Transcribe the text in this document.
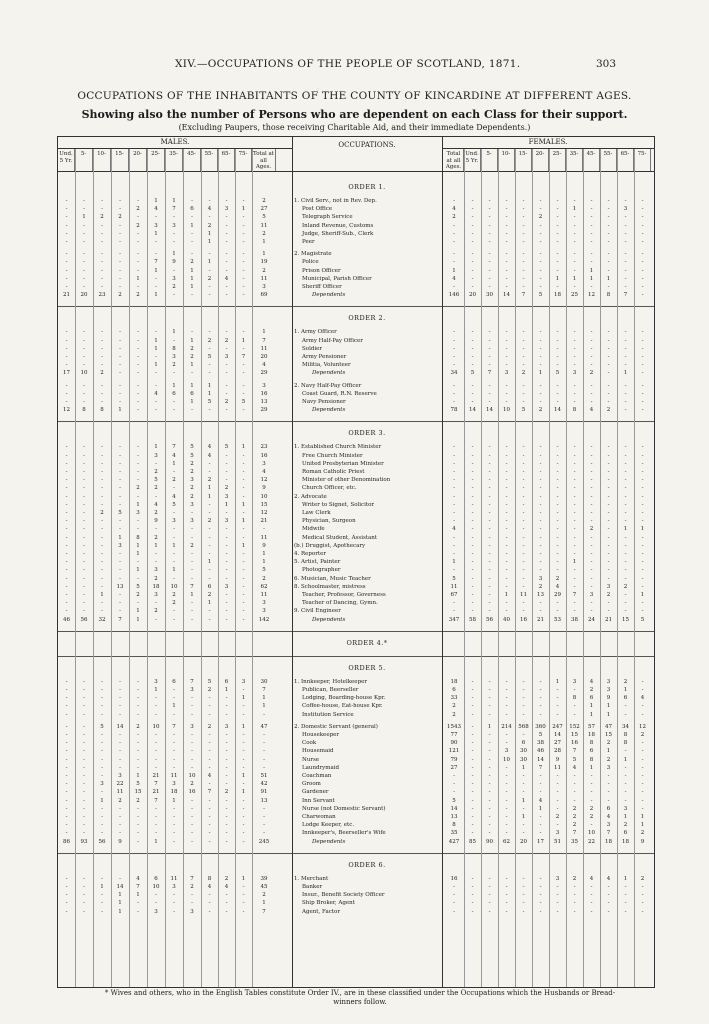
XIV.—OCCUPATIONS OF THE PEOPLE OF SCOTLAND, 1871.	303
OCCUPATIONS OF THE INHABITANTS OF THE COUNTY OF KINCARDINE AT DIFFERENT AGES.
Showing also the number of Persons who are dependent on each Class for their support.
(Excluding Paupers, those receiving Charitable Aid, and their immediate Dependents.)
MALES.	FEMALES.
OCCUPATIONS.
Und. 5 Yr.
5-	10-	15-	20-	25-	35-	45-	55-	65-	75-	Total at all Ages.
Total at all Ages.
Und. 5 Yr.
5-	10-	15-	20-	25-	35-	45-	55-	65-	75-
ORDER 1.
-	-	-	-	-	1	1	-	-	-	-	2	1. Civil Serv., not in Rev. Dep.	-	-	-	-	-	-	-	-	-	-	-	-
-	-	-	-	2	4	7	6	4	3	1	27	Post Office	4	-	-	-	-	-	-	1	-	-	3	-
-	1	2	2	-	-	-	-	-	-	-	5	Telegraph Service	2	-	-	-	-	2	-	-	-	-	-	-
-	-	-	-	2	3	3	1	2	-	-	11	Inland Revenue, Customs	-	-	-	-	-	-	-	-	-	-	-	-
-	-	-	-	-	1	-	-	1	-	-	2	Judge, Sheriff-Sub., Clerk	-	-	-	-	-	-	-	-	-	-	-	-
-	-	-	-	-	-	-	-	1	-	-	1	Peer	-	-	-	-	-	-	-	-	-	-	-	-
-	-	-	-	-	-	1	-	-	-	-	1	2. Magistrate	-	-	-	-	-	-	-	-	-	-	-	-
-	-	-	-	-	7	9	2	1	-	-	19	Police	-	-	-	-	-	-	-	-	-	-	-	-
-	-	-	-	-	1	-	1	-	-	-	2	Prison Officer	1	-	-	-	-	-	-	-	1	-	-	-
-	-	-	-	1	-	3	1	2	4	-	11	Municipal, Parish Officer	4	-	-	-	-	-	1	1	1	1	-	-
-	-	-	-	-	-	2	1	-	-	-	3	Sheriff Officer	-	-	-	-	-	-	-	-	-	-	-	-
21	20	23	2	2	1	-	-	-	-	-	69	Dependents	146	20	30	14	7	5	18	25	12	8	7	-
ORDER 2.
-	-	-	-	-	-	1	-	-	-	-	1	1. Army Officer	-	-	-	-	-	-	-	-	-	-	-	-
-	-	-	-	-	1	-	1	2	2	1	7	Army Half-Pay Officer	-	-	-	-	-	-	-	-	-	-	-	-
-	-	-	-	-	1	8	2	-	-	-	11	Soldier	-	-	-	-	-	-	-	-	-	-	-	-
-	-	-	-	-	-	3	2	5	3	7	20	Army Pensioner	-	-	-	-	-	-	-	-	-	-	-	-
-	-	-	-	-	1	2	1	-	-	-	4	Militia, Volunteer	-	-	-	-	-	-	-	-	-	-	-	-
17	10	2	-	-	-	-	-	-	-	-	29	Dependents	34	5	7	3	2	1	5	3	2	-	1	-
-	-	-	-	-	-	1	1	1	-	-	3	2. Navy Half-Pay Officer	-	-	-	-	-	-	-	-	-	-	-	-
-	-	-	-	-	4	6	6	1	-	-	16	Coast Guard, R.N. Reserve	-	-	-	-	-	-	-	-	-	-	-	-
-	-	-	-	-	-	-	1	5	2	5	13	Navy Pensioner	-	-	-	-	-	-	-	-	-	-	-	-
12	8	8	1	-	-	-	-	-	-	-	29	Dependents	78	14	14	10	5	2	14	8	4	2	-	-
ORDER 3.
-	-	-	-	-	1	7	5	4	5	1	23	1. Established Church Minister	-	-	-	-	-	-	-	-	-	-	-	-
-	-	-	-	-	3	4	5	4	-	-	16	Free Church Minister	-	-	-	-	-	-	-	-	-	-	-	-
-	-	-	-	-	-	1	2	-	-	-	3	United Presbyterian Minister	-	-	-	-	-	-	-	-	-	-	-	-
-	-	-	-	-	2	-	2	-	-	-	4	Roman Catholic Priest	-	-	-	-	-	-	-	-	-	-	-	-
-	-	-	-	-	5	2	3	2	-	-	12	Minister of other Denomination	-	-	-	-	-	-	-	-	-	-	-	-
-	-	-	-	2	2	-	2	1	2	-	9	Church Officer, etc.	-	-	-	-	-	-	-	-	-	-	-	-
-	-	-	-	-	-	4	2	1	3	-	10	2. Advocate	-	-	-	-	-	-	-	-	-	-	-	-
-	-	-	-	1	4	5	3	-	1	1	15	Writer to Signet, Solicitor	-	-	-	-	-	-	-	-	-	-	-	-
-	-	2	5	3	2	-	-	-	-	-	12	Law Clerk	-	-	-	-	-	-	-	-	-	-	-	-
-	-	-	-	-	9	3	3	2	3	1	21	Physician, Surgeon	-	-	-	-	-	-	-	-	-	-	-	-
-	-	-	-	-	-	-	-	-	-	-	-	Midwife	4	-	-	-	-	-	-	-	2	-	1	1
-	-	-	1	8	2	-	-	-	-	-	11	Medical Student, Assistant	-	-	-	-	-	-	-	-	-	-	-	-
-	-	-	3	1	1	1	2	-	-	1	9	(b.) Druggist, Apothecary	-	-	-	-	-	-	-	-	-	-	-	-
-	-	-	-	1	-	-	-	-	-	-	1	4. Reporter	-	-	-	-	-	-	-	-	-	-	-	-
-	-	-	-	-	-	-	-	1	-	-	1	5. Artist, Painter	1	-	-	-	-	-	-	1	-	-	-	-
-	-	-	-	1	3	1	-	-	-	-	5	Photographer	-	-	-	-	-	-	-	-	-	-	-	-
-	-	-	-	-	2	-	-	-	-	-	2	6. Musician, Music Teacher	5	-	-	-	-	3	2	-	-	-	-	-
-	-	-	13	5	18	10	7	6	3	-	62	8. Schoolmaster, mistress	11	-	-	-	-	2	4	-	-	3	2	-
-	-	1	-	2	3	2	1	2	-	-	11	Teacher, Professor, Governess	67	-	-	1	11	13	29	7	3	2	-	1
-	-	-	-	-	-	2	-	1	-	-	3	Teacher of Dancing, Gymn.	-	-	-	-	-	-	-	-	-	-	-	-
-	-	-	-	1	2	-	-	-	-	-	3	9. Civil Engineer	-	-	-	-	-	-	-	-	-	-	-	-
46	56	32	7	1	-	-	-	-	-	-	142	Dependents	347	58	56	40	16	21	53	38	24	21	15	5
ORDER 4.*
ORDER 5.
-	-	-	-	-	3	6	7	5	6	3	30	1. Innkeeper, Hotelkeeper	18	-	-	-	-	-	1	3	4	3	2	-
-	-	-	-	-	1	-	3	2	1	-	7	Publican, Beerseller	6	-	-	-	-	-	-	-	2	3	1	-
-	-	-	-	-	-	-	-	-	-	1	1	Lodging, Boarding-house Kpr.	33	-	-	-	-	-	-	8	6	9	6	4
-	-	-	-	-	-	1	-	-	-	-	1	Coffee-house, Eat-house Kpr.	2	-	-	-	-	-	-	-	1	1	-	-
-	-	-	-	-	-	-	-	-	-	-	-	Institution Service	2	-	-	-	-	-	-	-	1	1	-	-
-	-	5	14	2	10	7	3	2	3	1	47	2. Domestic Servant (general)	1543	-	1	214	568	360	247	152	57	47	34	12
-	-	-	-	-	-	-	-	-	-	-	-	Housekeeper	77	-	-	-	-	5	14	15	18	15	8	2
-	-	-	-	-	-	-	-	-	-	-	-	Cook	90	-	-	-	6	38	27	16	8	2	8	-
-	-	-	-	-	-	-	-	-	-	-	-	Housemaid	121	-	-	3	30	46	28	7	6	1	-	-
-	-	-	-	-	-	-	-	-	-	-	-	Nurse	79	-	-	10	30	14	9	5	8	2	1	-
-	-	-	-	-	-	-	-	-	-	-	-	Laundrymaid	27	-	-	-	1	7	11	4	1	3	-	-
-	-	-	3	1	21	11	10	4	-	1	51	Coachman	-	-	-	-	-	-	-	-	-	-	-	-
-	-	3	22	5	7	3	2	-	-	-	42	Groom	-	-	-	-	-	-	-	-	-	-	-	-
-	-	-	11	15	21	18	16	7	2	1	91	Gardener	-	-	-	-	-	-	-	-	-	-	-	-
-	-	1	2	2	7	1	-	-	-	-	13	Inn Servant	5	-	-	-	1	4	-	-	-	-	-	-
-	-	-	-	-	-	-	-	-	-	-	-	Nurse (not Domestic Servant)	14	-	-	-	-	1	-	2	2	6	3	-
-	-	-	-	-	-	-	-	-	-	-	-	Charwoman	13	-	-	-	1	-	2	2	2	4	1	1
-	-	-	-	-	-	-	-	-	-	-	-	Lodge Keeper, etc.	8	-	-	-	-	-	-	2	-	3	2	1
-	-	-	-	-	-	-	-	-	-	-	-	Innkeeper's, Beerseller's Wife	35	-	-	-	-	-	3	7	10	7	6	2
86	93	56	9	-	1	-	-	-	-	-	245	Dependents	427	85	90	62	20	17	51	35	22	18	18	9
ORDER 6.
-	-	-	-	4	6	11	7	8	2	1	39	1. Merchant	16	-	-	-	-	-	3	2	4	4	1	2
-	-	1	14	7	10	3	2	4	4	-	45	Banker	-	-	-	-	-	-	-	-	-	-	-	-
-	-	-	1	1	-	-	-	-	-	-	2	Insur., Benefit Society Officer	-	-	-	-	-	-	-	-	-	-	-	-
-	-	-	1	-	-	-	-	-	-	-	1	Ship Broker, Agent	-	-	-	-	-	-	-	-	-	-	-	-
-	-	-	1	-	3	-	3	-	-	-	7	Agent, Factor	-	-	-	-	-	-	-	-	-	-	-	-
* Wives and others, who in the English Tables constitute Order IV., are in these classified under the Occupations which the Husbands or Bread-winners follow.
